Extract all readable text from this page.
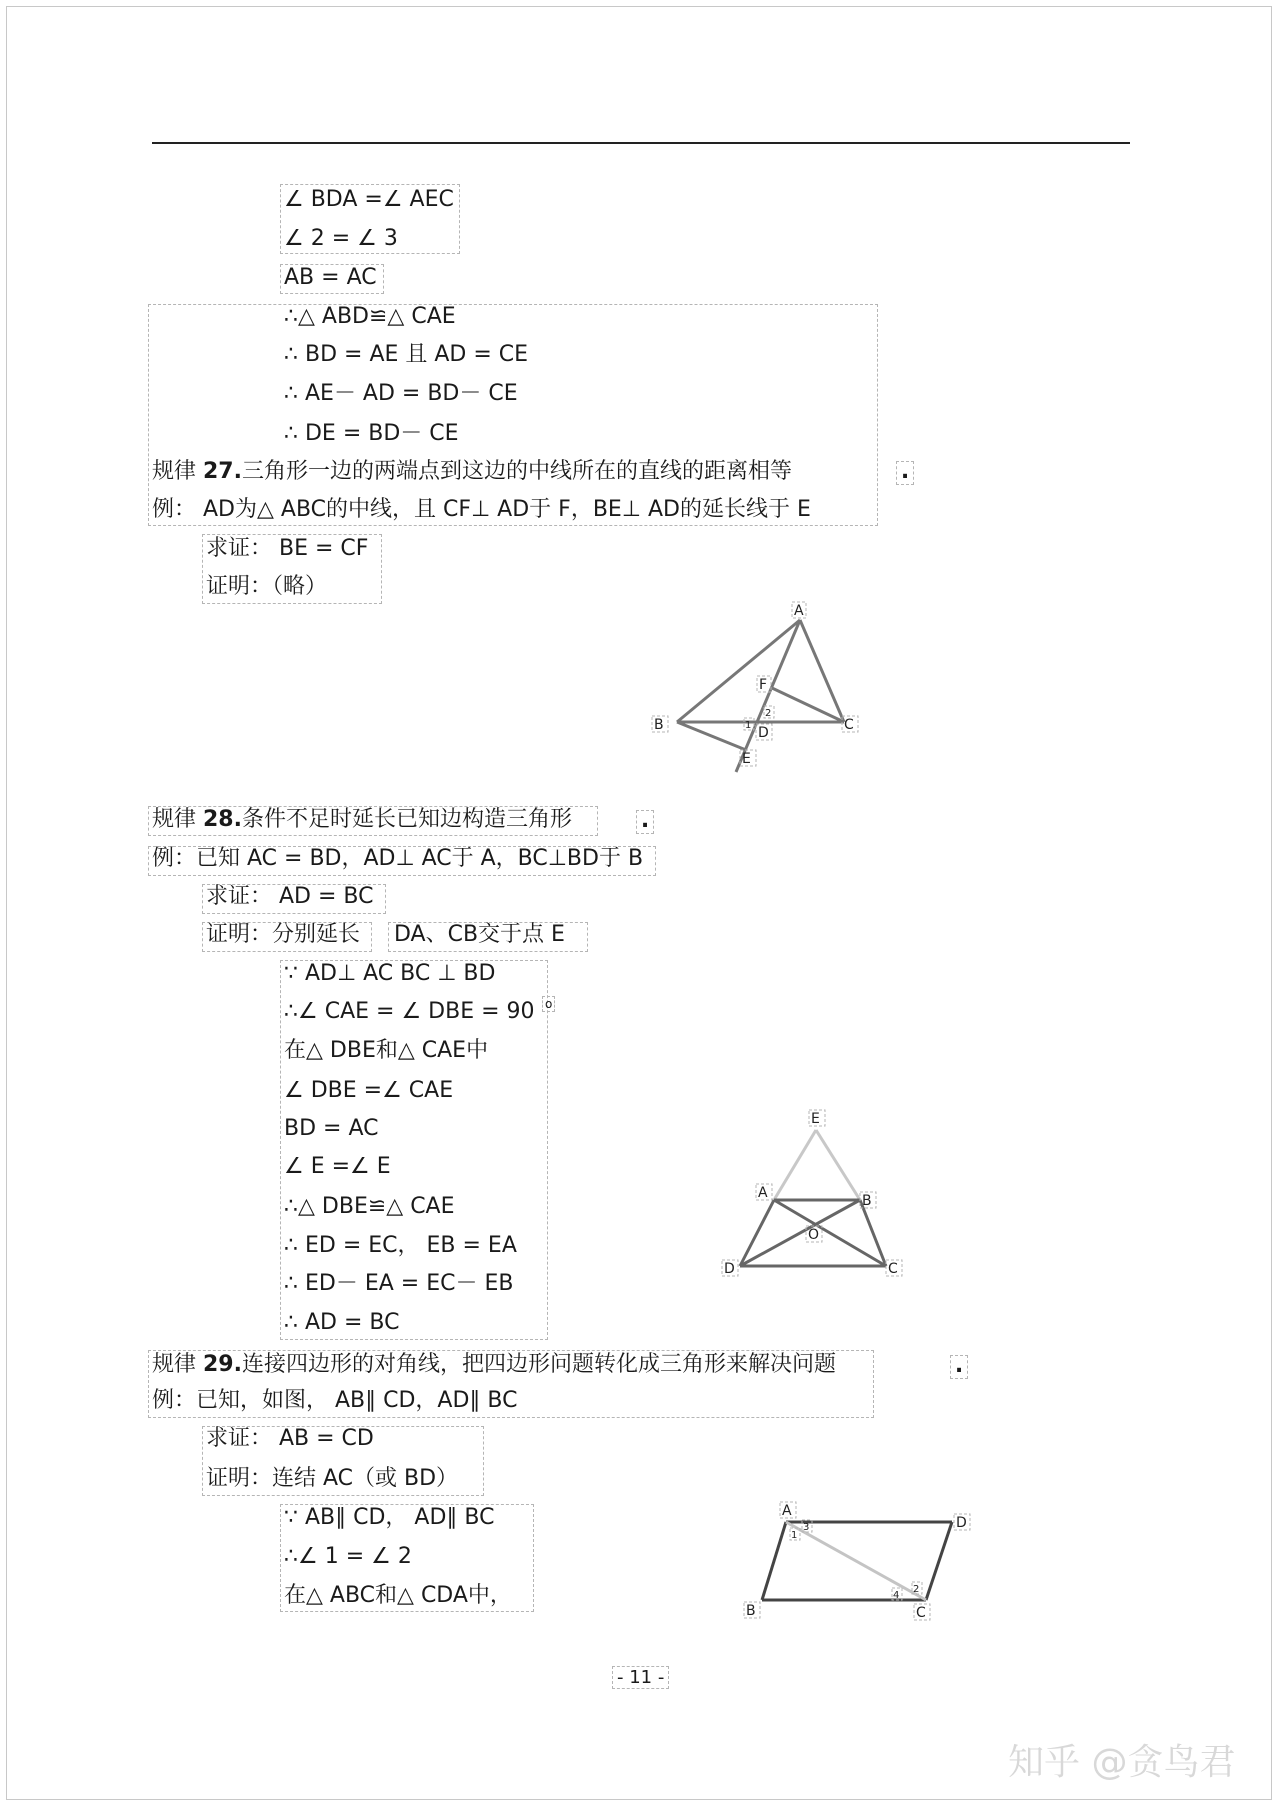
∠ BDA =∠ AEC
∠ 2 = ∠ 3
AB = AC
∴△ ABD≌△ CAE
∴ BD = AE 且 AD = CE
∴ AE－ AD = BD－ CE
∴ DE = BD－ CE
规律 27.三角形一边的两端点到这边的中线所在的直线的距离相等	.
例： AD为△ ABC的中线，且 CF⊥ AD于 F，BE⊥ AD的延长线于 E
求证： BE = CF
证明：（略）
A
F
B	1
2
D	C
E
规律 28.条件不足时延长已知边构造三角形	.
例：已知 AC = BD，AD⊥ AC于 A，BC⊥BD于 B
求证： AD = BC
证明：分别延长 DA、CB交于点 E
∵ AD⊥ AC BC ⊥ BD
∴∠ CAE = ∠ DBE = 90 o
在△ DBE和△ CAE中
∠ DBE =∠ CAE
BD = AC
∠ E =∠ E
∴△ DBE≌△ CAE
∴ ED = EC， EB = EA
∴ ED－ EA = EC－ EB
∴ AD = BC
E
A	B
O
D	C
规律 29.连接四边形的对角线，把四边形问题转化成三角形来解决问题	.
例：已知，如图， AB∥ CD，AD∥ BC
求证： AB = CD
证明：连结 AC（或 BD）
∵ AB∥ CD， AD∥ BC
∴∠ 1 = ∠ 2
在△ ABC和△ CDA中，
A
3
1
D
B
2
4
C
- 11 -
知乎 @贪鸟君
